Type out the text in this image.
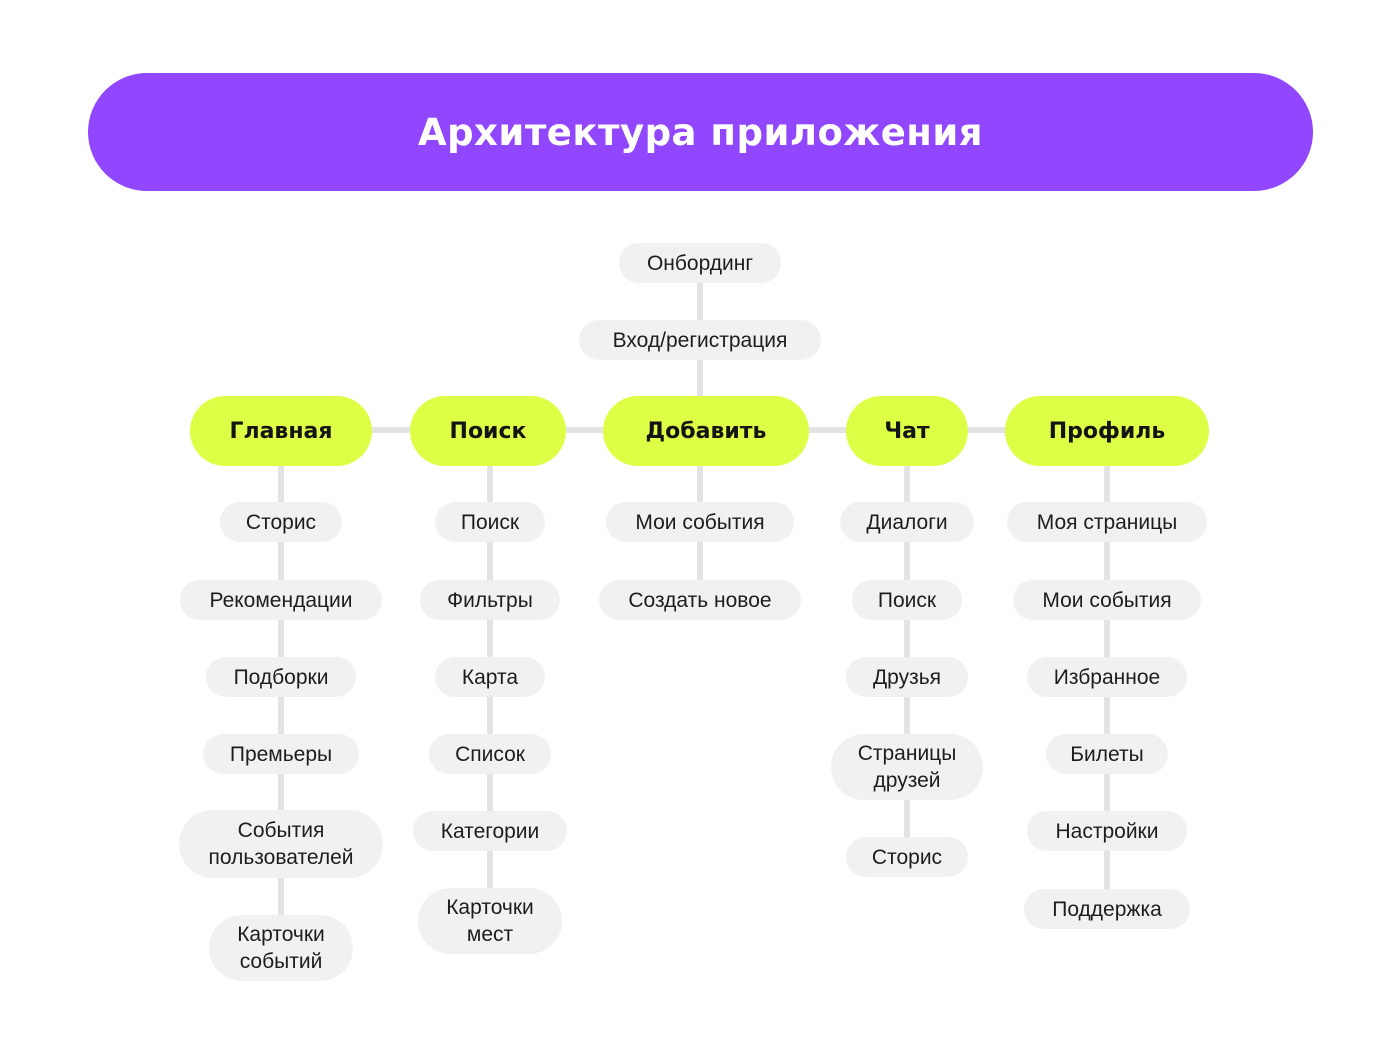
Архитектура приложения
Онбординг
Вход/регистрация
Главная	Поиск	Добавить	Чат	Профиль
Сторис
Рекомендации
Подборки
Премьеры
События
пользователей
Карточки
событий
Поиск
Фильтры
Карта
Список
Категории
Карточки
мест
Мои события
Создать новое
Диалоги
Поиск
Друзья
Страницы
друзей
Сторис
Моя страницы
Мои события
Избранное
Билеты
Настройки
Поддержка
